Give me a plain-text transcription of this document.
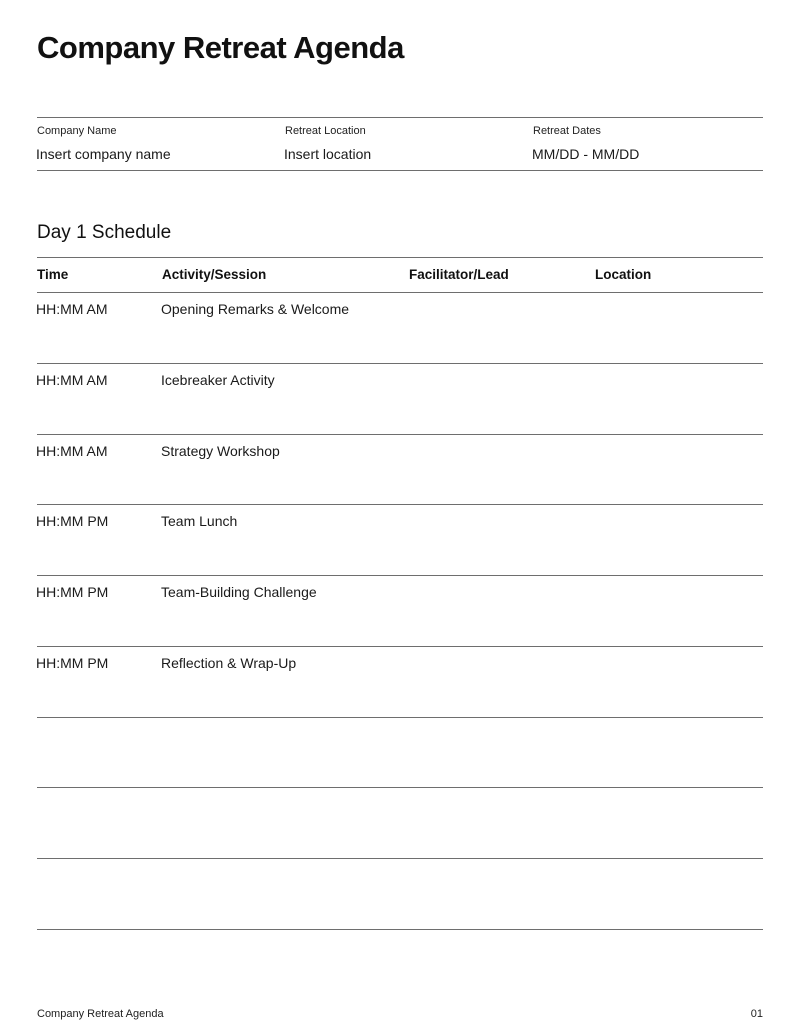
Company Retreat Agenda
Company Name
Insert company name
Retreat Location
Insert location
Retreat Dates
MM/DD - MM/DD
Day 1 Schedule
Time	Activity/Session	Facilitator/Lead	Location
HH:MM AM	Opening Remarks & Welcome
HH:MM AM	Icebreaker Activity
HH:MM AM	Strategy Workshop
HH:MM PM	Team Lunch
HH:MM PM	Team-Building Challenge
HH:MM PM	Reflection & Wrap-Up
Company Retreat Agenda	01
